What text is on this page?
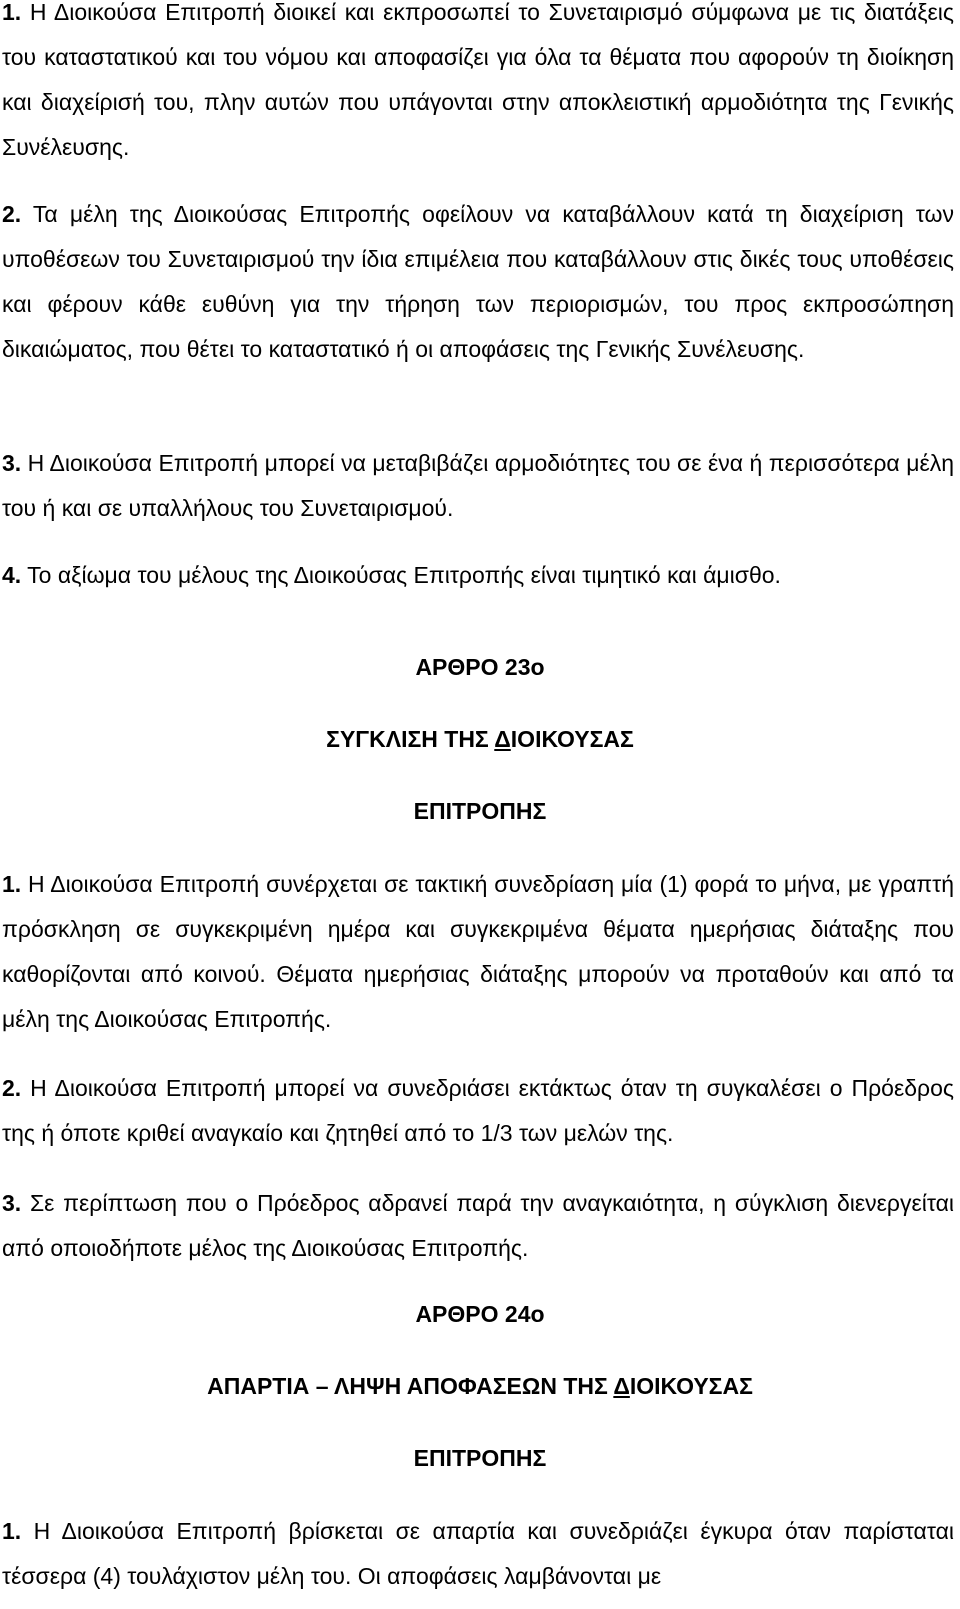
1. Η Διοικούσα Επιτροπή διοικεί και εκπροσωπεί το Συνεταιρισμό σύμφωνα με τις διατάξεις του καταστατικού και του νόμου και αποφασίζει για όλα τα θέματα που αφορούν τη διοίκηση και διαχείρισή του, πλην αυτών που υπάγονται στην αποκλειστική αρμοδιότητα της Γενικής Συνέλευσης.

2. Τα μέλη της Διοικούσας Επιτροπής οφείλουν να καταβάλλουν κατά τη διαχείριση των υποθέσεων του Συνεταιρισμού την ίδια επιμέλεια που καταβάλλουν στις δικές τους υποθέσεις και φέρουν κάθε ευθύνη για την τήρηση των περιορισμών, του προς εκπροσώπηση δικαιώματος, που θέτει το καταστατικό ή οι αποφάσεις της Γενικής Συνέλευσης.

3. Η Διοικούσα Επιτροπή μπορεί να μεταβιβάζει αρμοδιότητες του σε ένα ή περισσότερα μέλη του ή και σε υπαλλήλους του Συνεταιρισμού.

4. Το αξίωμα του μέλους της Διοικούσας Επιτροπής είναι τιμητικό και άμισθο.

ΑΡΘΡΟ 23ο
ΣΥΓΚΛΙΣΗ ΤΗΣ ΔΙΟΙΚΟΥΣΑΣ
ΕΠΙΤΡΟΠΗΣ

1. Η Διοικούσα Επιτροπή συνέρχεται σε τακτική συνεδρίαση μία (1) φορά το μήνα, με γραπτή πρόσκληση σε συγκεκριμένη ημέρα και συγκεκριμένα θέματα ημερήσιας διάταξης που καθορίζονται από κοινού. Θέματα ημερήσιας διάταξης μπορούν να προταθούν και από τα μέλη της Διοικούσας Επιτροπής.

2. Η Διοικούσα Επιτροπή μπορεί να συνεδριάσει εκτάκτως όταν τη συγκαλέσει ο Πρόεδρος της ή όποτε κριθεί αναγκαίο και ζητηθεί από το 1/3 των μελών της.

3. Σε περίπτωση που ο Πρόεδρος αδρανεί παρά την αναγκαιότητα, η σύγκλιση διενεργείται από οποιοδήποτε μέλος της Διοικούσας Επιτροπής.

ΑΡΘΡΟ 24ο
ΑΠΑΡΤΙΑ – ΛΗΨΗ ΑΠΟΦΑΣΕΩΝ ΤΗΣ ΔΙΟΙΚΟΥΣΑΣ
ΕΠΙΤΡΟΠΗΣ

1. Η Διοικούσα Επιτροπή βρίσκεται σε απαρτία και συνεδριάζει έγκυρα όταν παρίσταται τέσσερα (4) τουλάχιστον μέλη του. Οι αποφάσεις λαμβάνονται με
